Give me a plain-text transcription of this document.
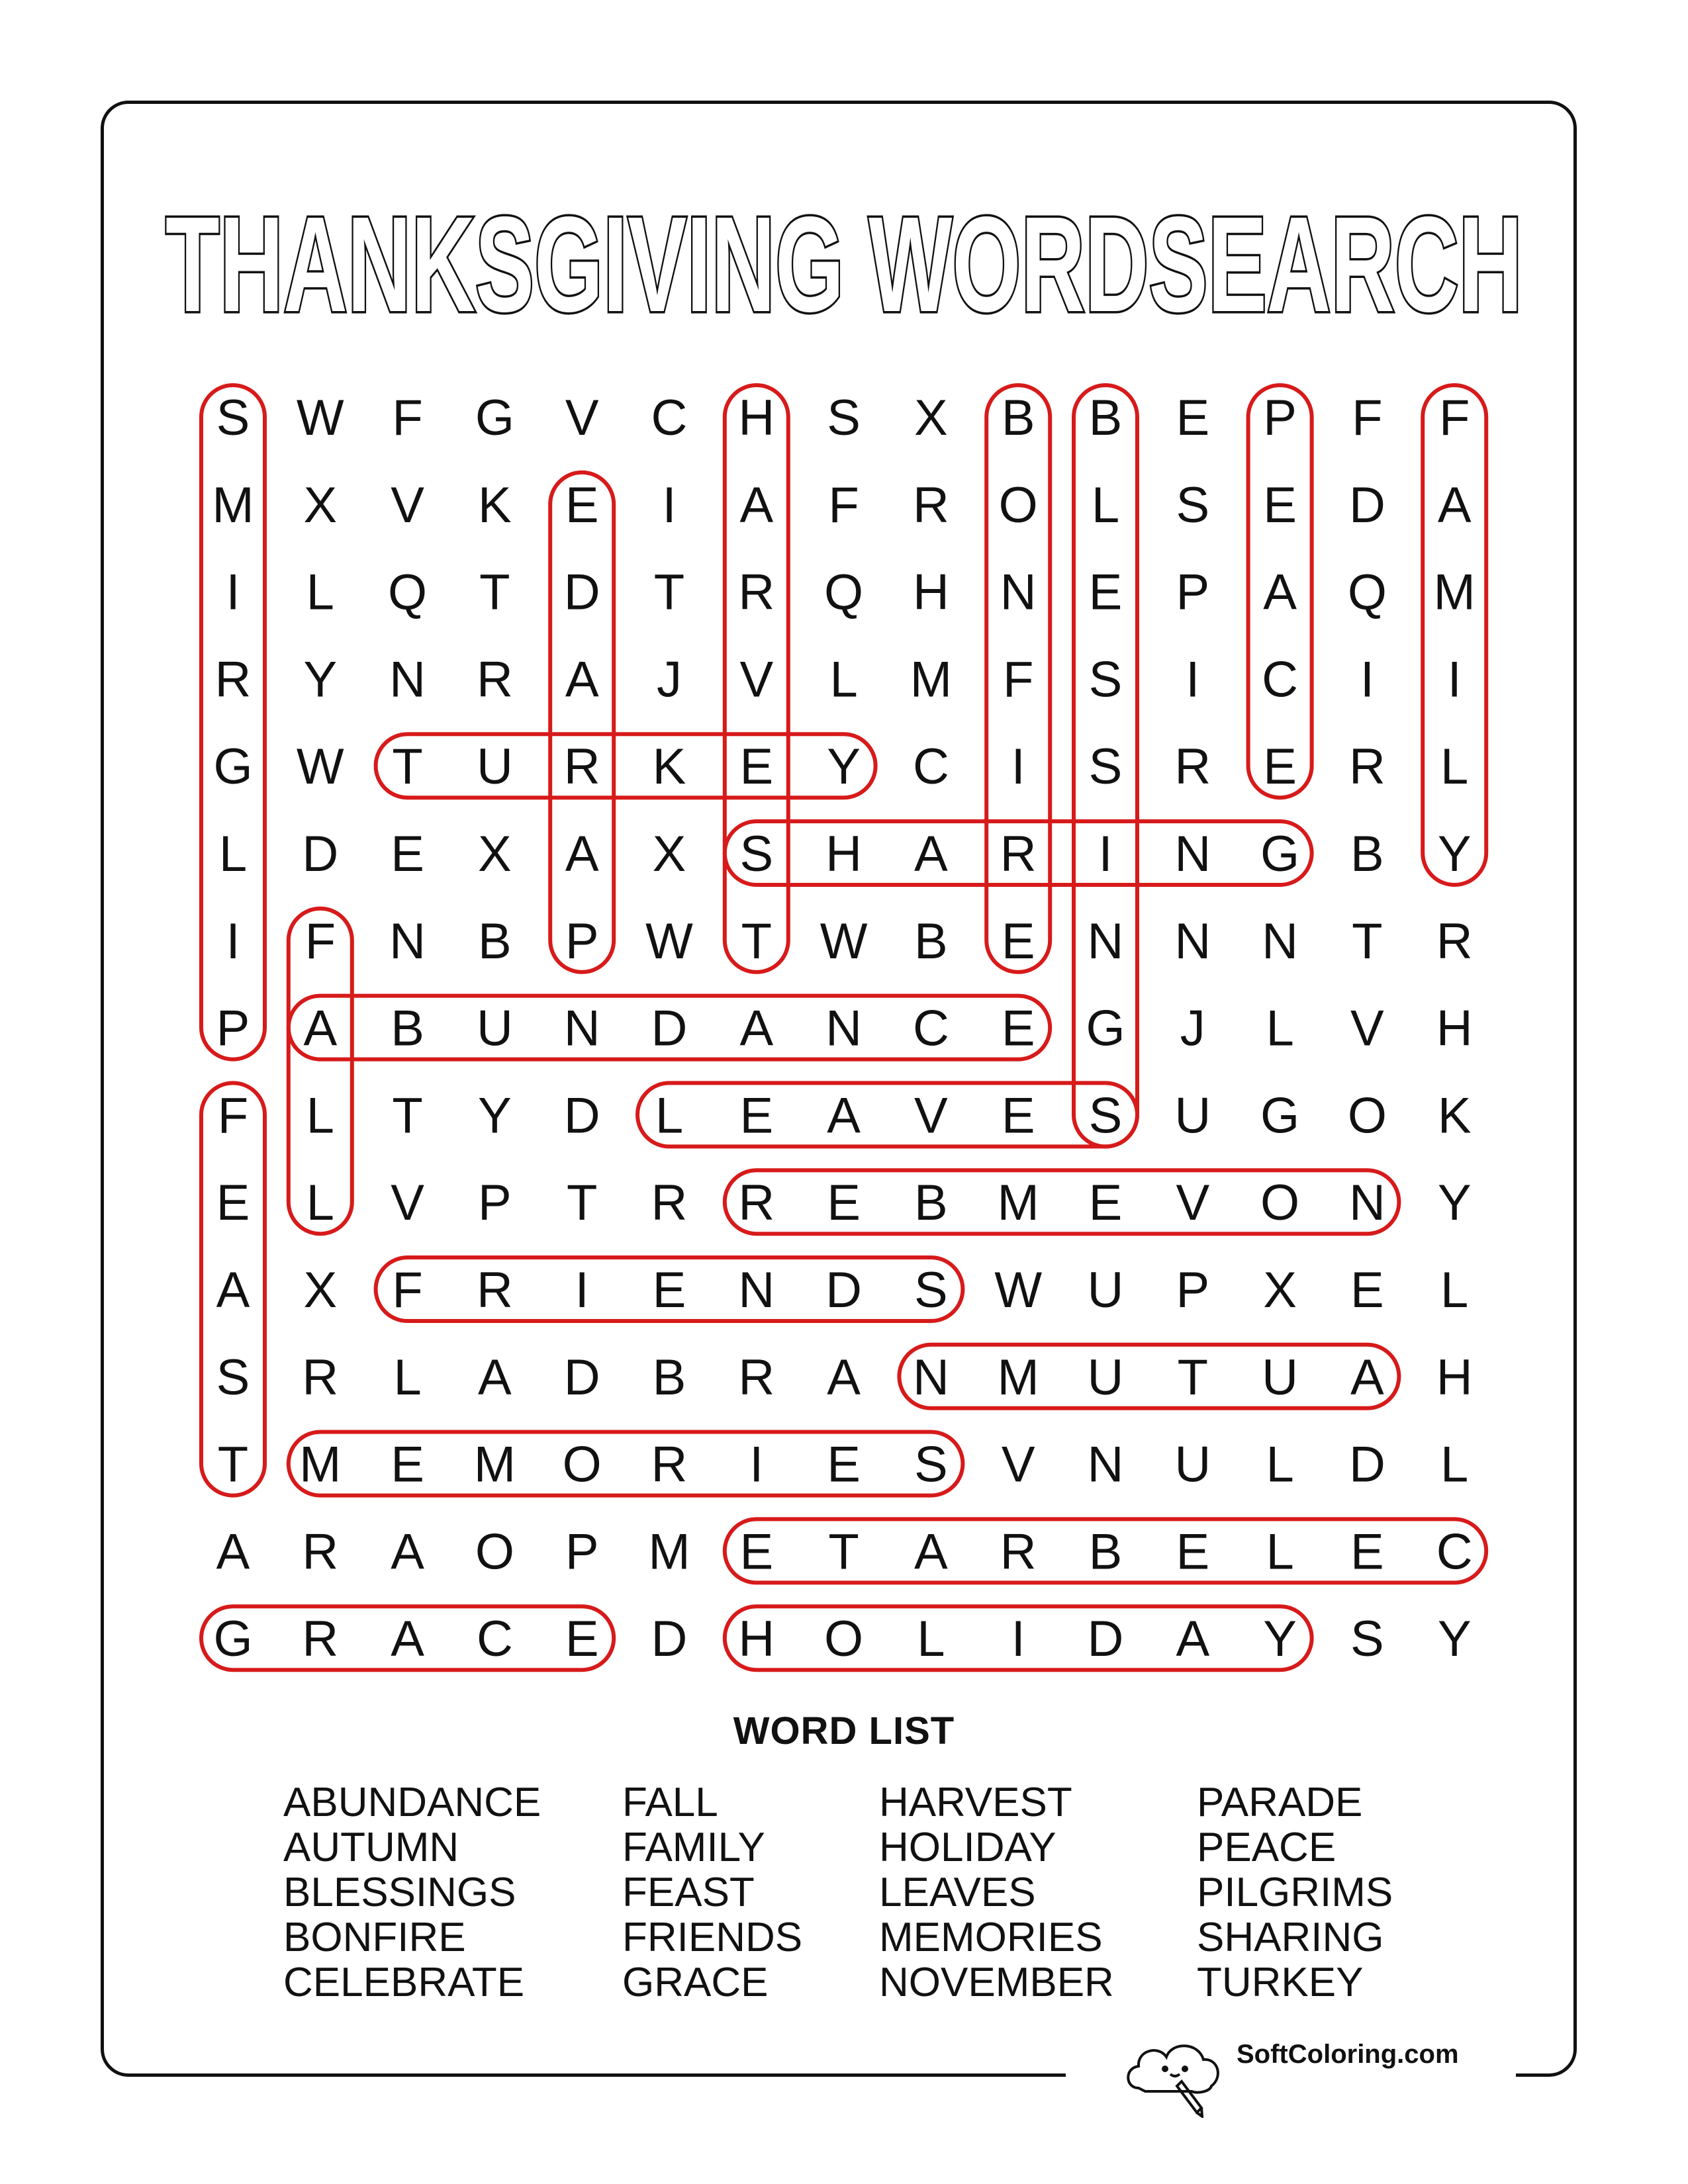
THANKSGIVING WORDSEARCH
S W F G V C H S X B B E P F F
M X V K E I A F R O L S E D A
I L Q T D T R Q H N E P A Q M
R Y N R A J V L M F S I C I I
G W T U R K E Y C I S R E R L
L D E X A X S H A R I N G B Y
I F N B P W T W B E N N N T R
P A B U N D A N C E G J L V H
F L T Y D L E A V E S U G O K
E L V P T R R E B M E V O N Y
A X F R I E N D S W U P X E L
S R L A D B R A N M U T U A H
T M E M O R I E S V N U L D L
A R A O P M E T A R B E L E C
G R A C E D H O L I D A Y S Y
WORD LIST
ABUNDANCE
AUTUMN
BLESSINGS
BONFIRE
CELEBRATE
FALL
FAMILY
FEAST
FRIENDS
GRACE
HARVEST
HOLIDAY
LEAVES
MEMORIES
NOVEMBER
PARADE
PEACE
PILGRIMS
SHARING
TURKEY
SoftColoring.com
